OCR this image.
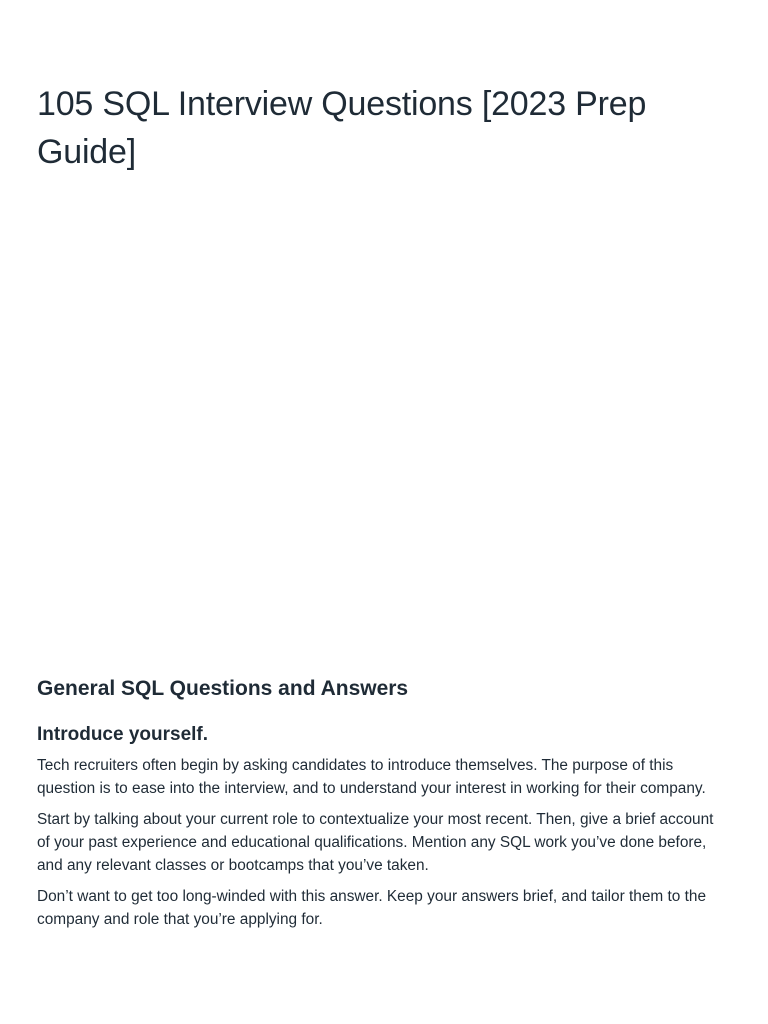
105 SQL Interview Questions [2023 Prep Guide]
General SQL Questions and Answers
Introduce yourself.

Tech recruiters often begin by asking candidates to introduce themselves. The purpose of this question is to ease into the interview, and to understand your interest in working for their company.

Start by talking about your current role to contextualize your most recent. Then, give a brief account of your past experience and educational qualifications. Mention any SQL work you’ve done before, and any relevant classes or bootcamps that you’ve taken.

Don’t want to get too long-winded with this answer. Keep your answers brief, and tailor them to the company and role that you’re applying for.
